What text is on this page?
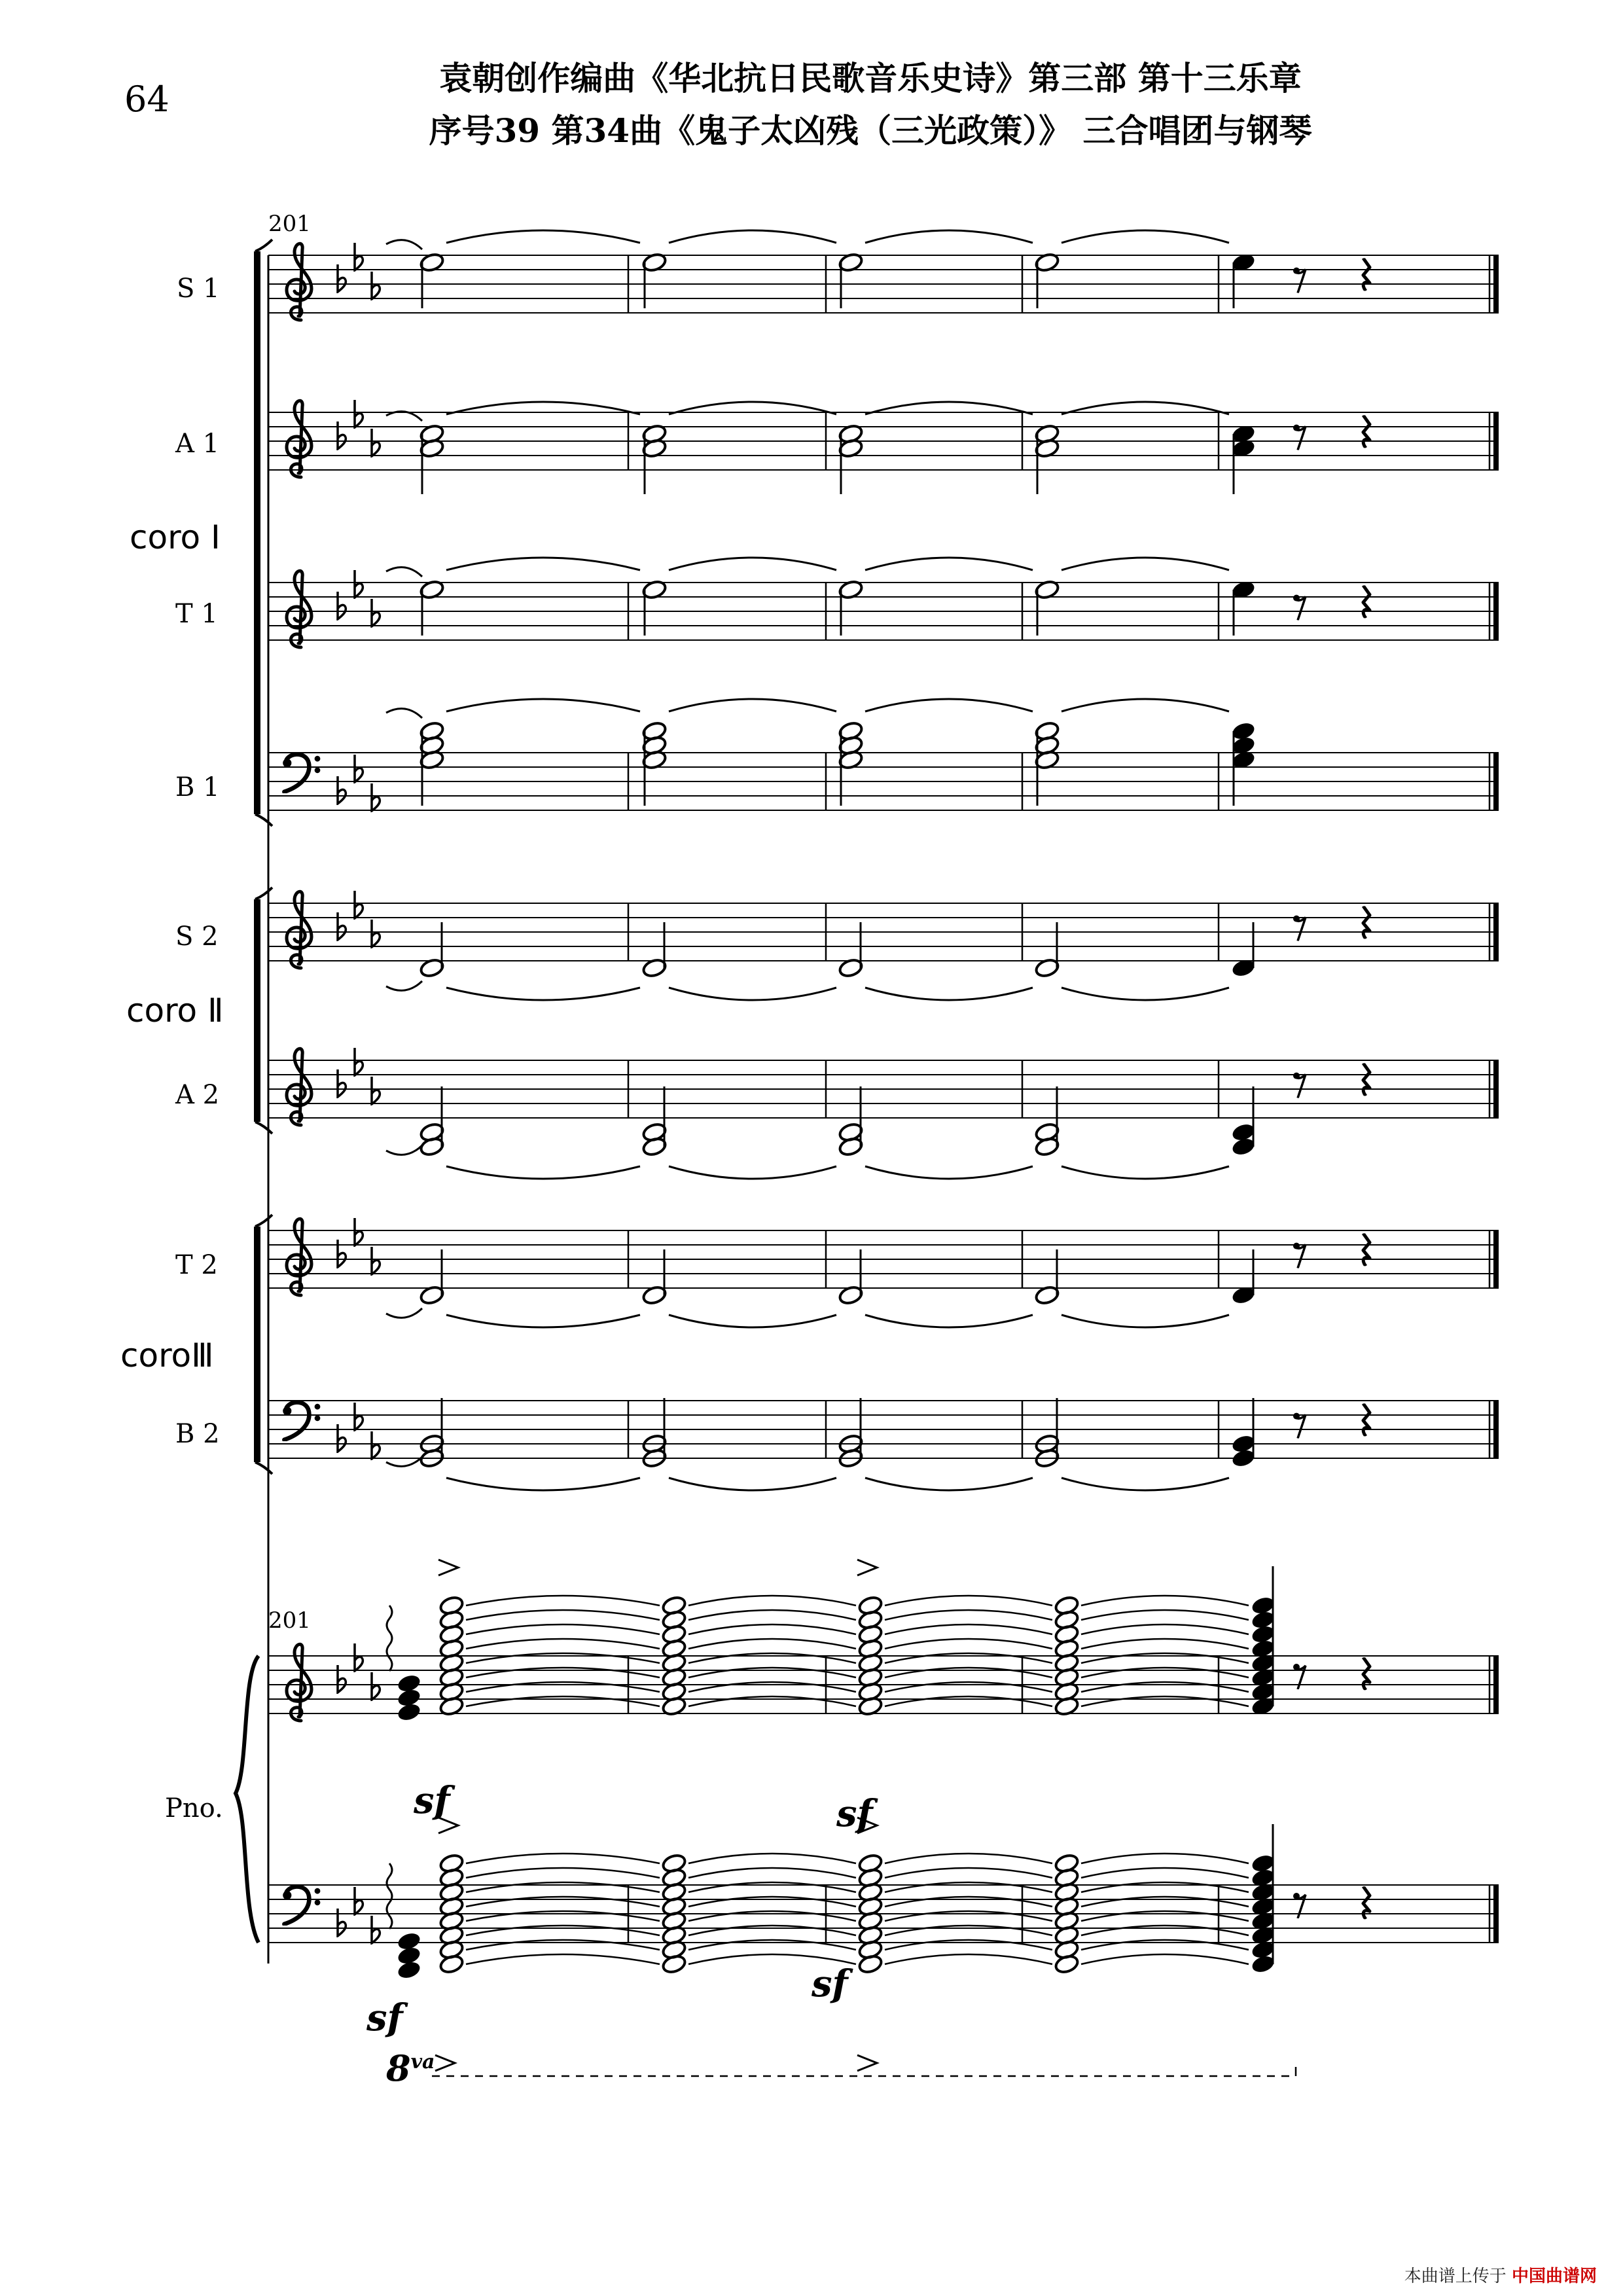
64
袁朝创作编曲《华北抗日民歌音乐史诗》第三部 第十三乐章
序号39 第34曲《鬼子太凶残（三光政策）》 三合唱团与钢琴
S 1
A 1
T 1
B 1
S 2
A 2
T 2
B 2
Pno.
coro Ⅰ
coro Ⅱ
coroⅢ
201
201
sf	sf
sf
sf
$8^{va}$
本曲谱上传于 中国曲谱网
